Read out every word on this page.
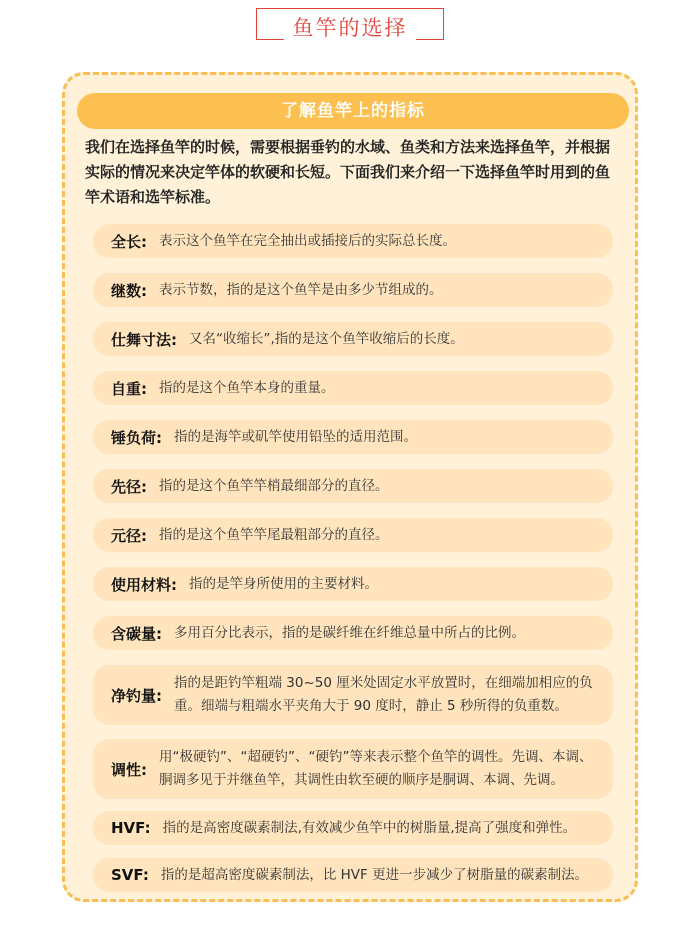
鱼竿的选择
了解鱼竿上的指标
我们在选择鱼竿的时候，需要根据垂钓的水域、鱼类和方法来选择鱼竿，并根据实际的情况来决定竿体的软硬和长短。下面我们来介绍一下选择鱼竿时用到的鱼竿术语和选竿标准。
全长: 表示这个鱼竿在完全抽出或插接后的实际总长度。
继数: 表示节数，指的是这个鱼竿是由多少节组成的。
仕舞寸法: 又名“收缩长”,指的是这个鱼竿收缩后的长度。
自重: 指的是这个鱼竿本身的重量。
锤负荷: 指的是海竿或矶竿使用铅坠的适用范围。
先径: 指的是这个鱼竿竿梢最细部分的直径。
元径: 指的是这个鱼竿竿尾最粗部分的直径。
使用材料: 指的是竿身所使用的主要材料。
含碳量: 多用百分比表示，指的是碳纤维在纤维总量中所占的比例。
净钓量:
指的是距钓竿粗端 30~50 厘米处固定水平放置时，在细端加相应的负重。细端与粗端水平夹角大于 90 度时，静止 5 秒所得的负重数。
调性:
用“极硬钓”、“超硬钓”、“硬钓”等来表示整个鱼竿的调性。先调、本调、胴调多见于并继鱼竿，其调性由软至硬的顺序是胴调、本调、先调。
HVF: 指的是高密度碳素制法,有效减少鱼竿中的树脂量,提高了强度和弹性。
SVF: 指的是超高密度碳素制法，比 HVF 更进一步减少了树脂量的碳素制法。
